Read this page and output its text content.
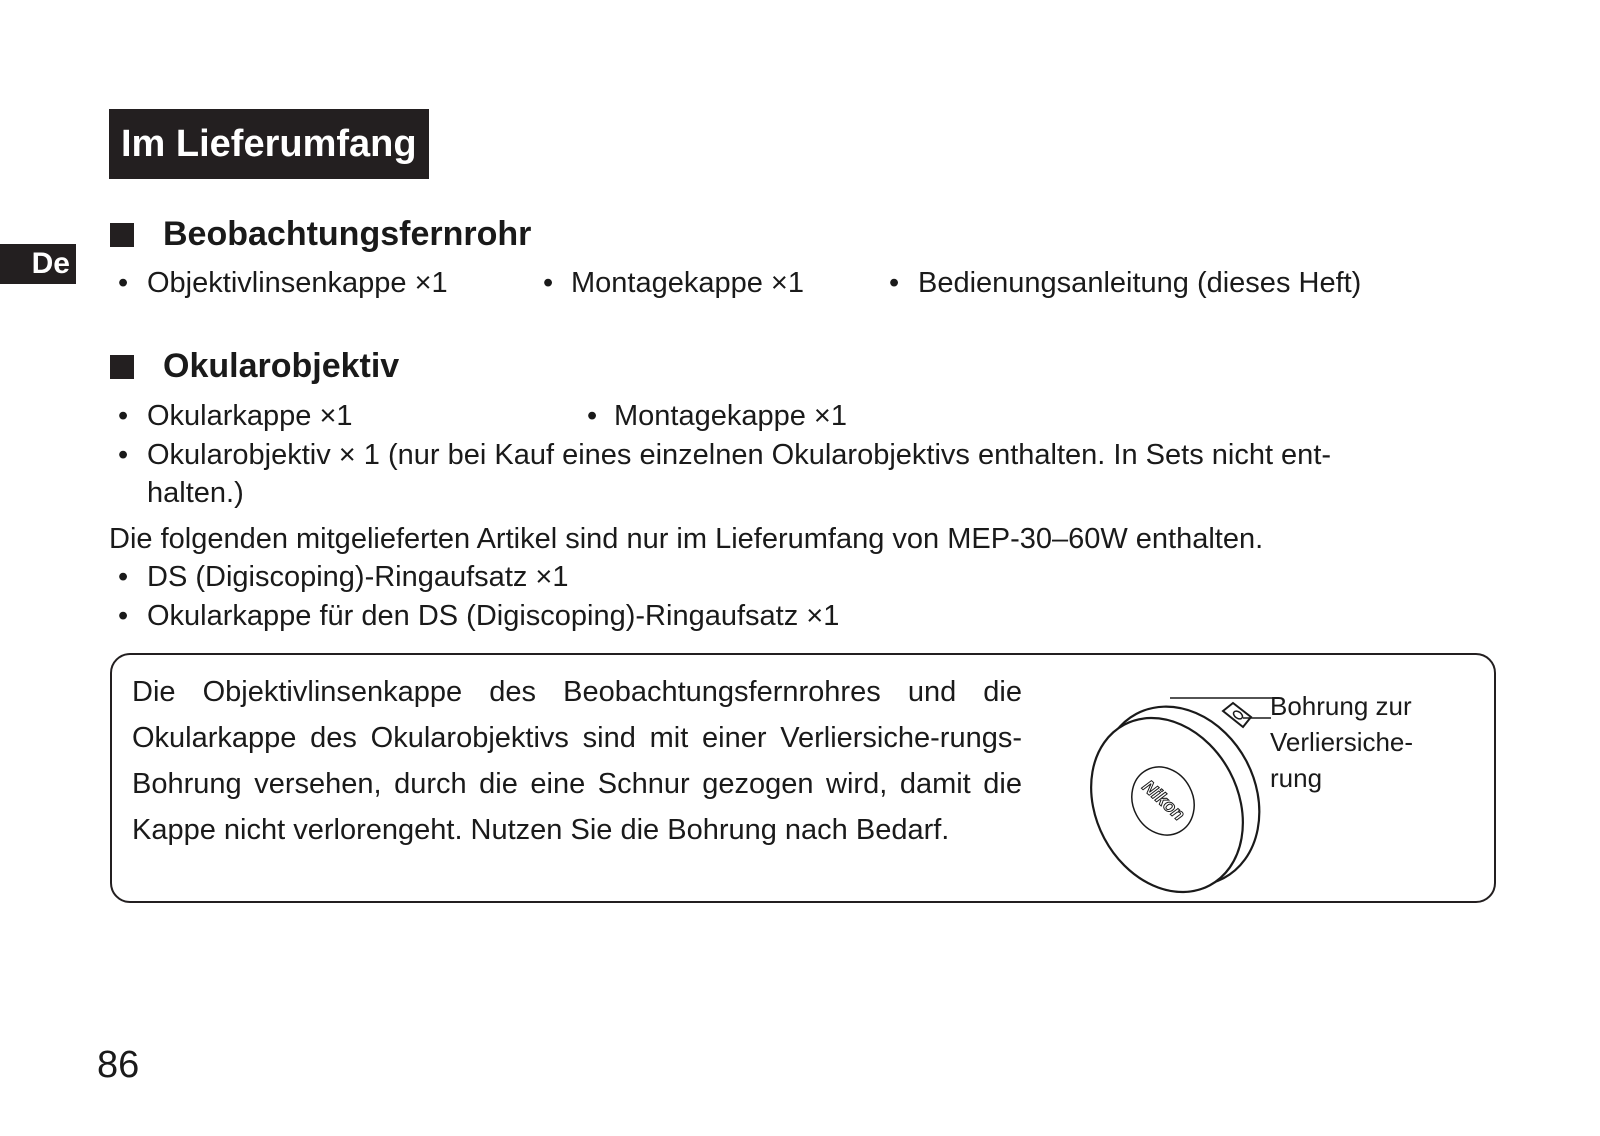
Im Lieferumfang
De
Beobachtungsfernrohr
• Objektivlinsenkappe ×1	• Montagekappe ×1	• Bedienungsanleitung (dieses Heft)
Okularobjektiv
• Okularkappe ×1	• Montagekappe ×1
• Okularobjektiv × 1 (nur bei Kauf eines einzelnen Okularobjektivs enthalten. In Sets nicht ent-
halten.)
Die folgenden mitgelieferten Artikel sind nur im Lieferumfang von MEP-30–60W enthalten.
• DS (Digiscoping)-Ringaufsatz ×1
• Okularkappe für den DS (Digiscoping)-Ringaufsatz ×1
Die Objektivlinsenkappe des Beobachtungsfernrohres und die Okularkappe des Okularobjektivs sind mit einer Verliersiche-rungs-Bohrung versehen, durch die eine Schnur gezogen wird, damit die Kappe nicht verlorengeht. Nutzen Sie die Bohrung nach Bedarf.
Nikon
Bohrung zur
Verliersiche-
rung
86
